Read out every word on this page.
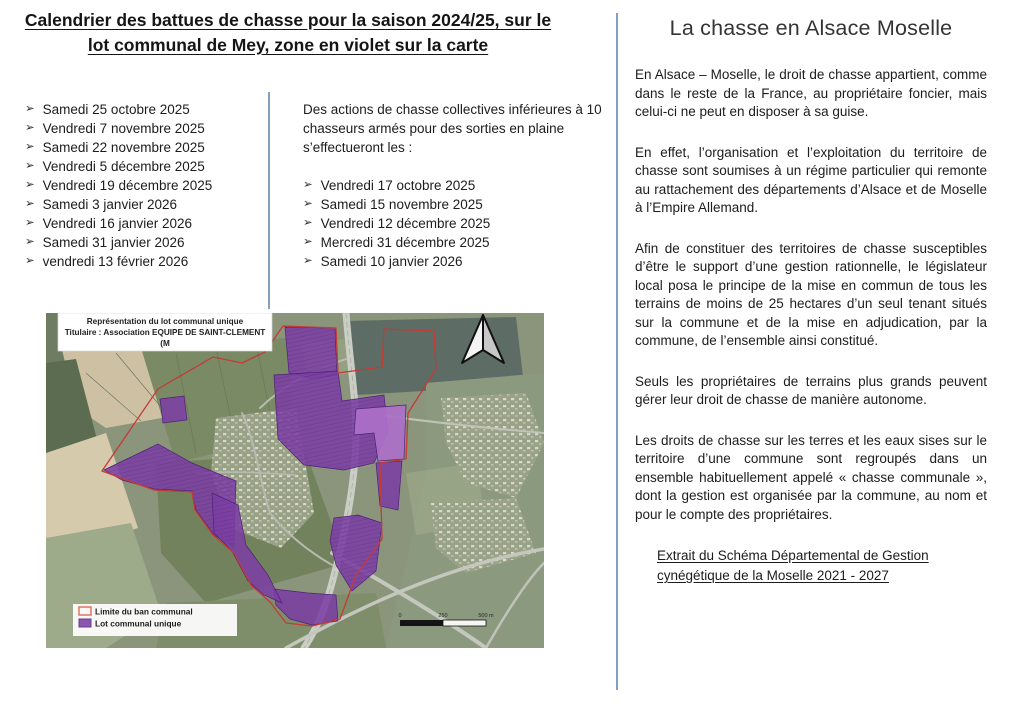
Calendrier des battues de chasse pour la saison 2024/25, sur le lot communal de Mey, zone en violet sur la carte
➢ Samedi 25 octobre 2025
➢ Vendredi 7 novembre 2025
➢ Samedi 22 novembre 2025
➢ Vendredi 5 décembre 2025
➢ Vendredi 19 décembre 2025
➢ Samedi 3 janvier 2026
➢ Vendredi 16 janvier 2026
➢ Samedi 31 janvier 2026
➢ vendredi 13 février 2026

Des actions de chasse collectives inférieures à 10 chasseurs armés pour des sorties en plaine s’effectueront les :

➢ Vendredi 17 octobre 2025
➢ Samedi 15 novembre 2025
➢ Vendredi 12 décembre 2025
➢ Mercredi 31 décembre 2025
➢ Samedi 10 janvier 2026
Représentation du lot communal unique
Titulaire : Association EQUIPE DE SAINT-CLEMENT
(M
Limite du ban communal
Lot communal unique
0	250	500 m
La chasse en Alsace Moselle

En Alsace – Moselle, le droit de chasse appartient, comme dans le reste de la France, au propriétaire foncier, mais celui-ci ne peut en disposer à sa guise.

En effet, l’organisation et l’exploitation du territoire de chasse sont soumises à un régime particulier qui remonte au rattachement des départements d’Alsace et de Moselle à l’Empire Allemand.

Afin de constituer des territoires de chasse susceptibles d’être le support d’une gestion rationnelle, le législateur local posa le principe de la mise en commun de tous les terrains de moins de 25 hectares d’un seul tenant situés sur la commune et de la mise en adjudication, par la commune, de l’ensemble ainsi constitué.

Seuls les propriétaires de terrains plus grands peuvent gérer leur droit de chasse de manière autonome.

Les droits de chasse sur les terres et les eaux sises sur le territoire d’une commune sont regroupés dans un ensemble habituellement appelé « chasse communale », dont la gestion est organisée par la commune, au nom et pour le compte des propriétaires.

Extrait du Schéma Départemental de Gestion cynégétique de la Moselle 2021 - 2027
